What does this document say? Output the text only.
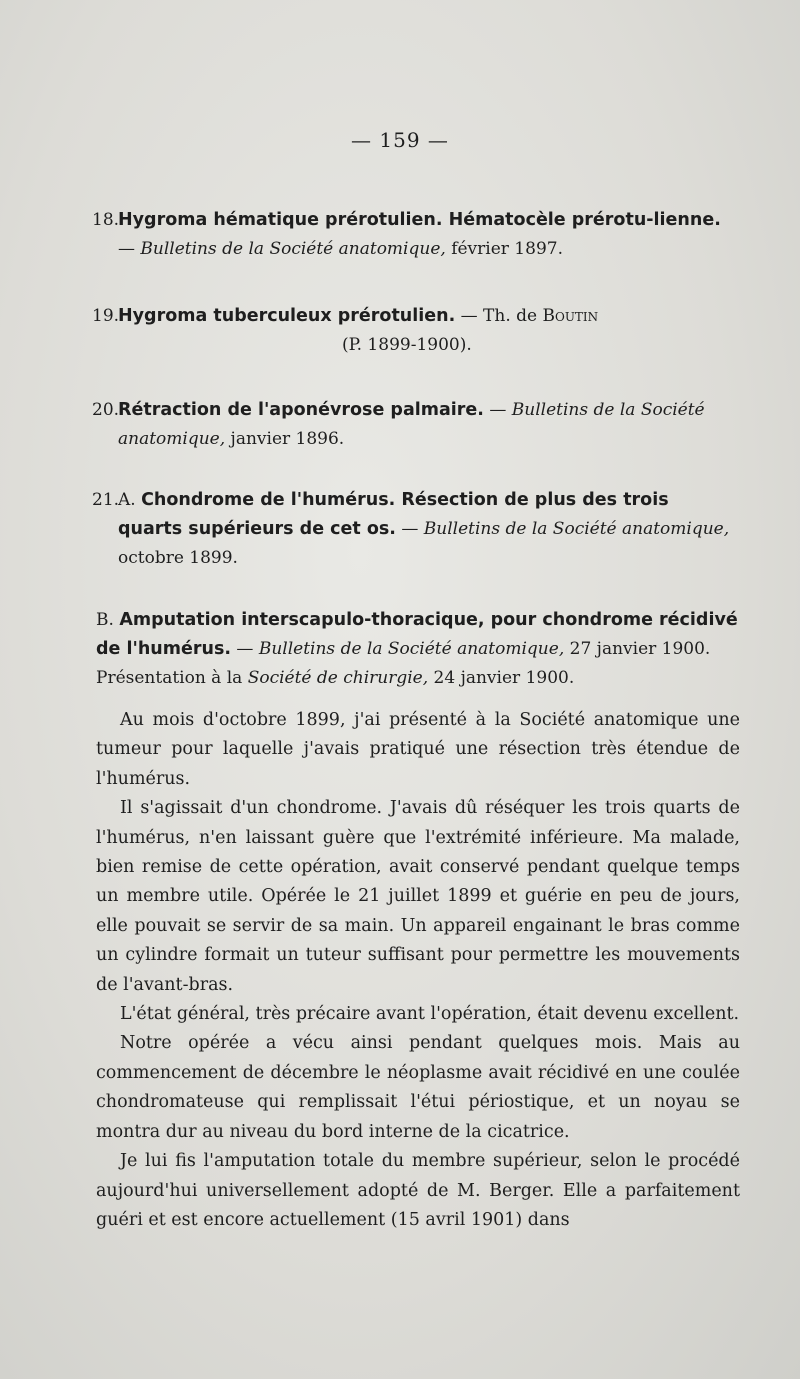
— 159 —
18.Hygroma hématique prérotulien. Hématocèle prérotu-lienne. — Bulletins de la Société anatomique, février 1897.
19.Hygroma tuberculeux prérotulien. — Th. de Boutin
(P. 1899-1900).
20.Rétraction de l'aponévrose palmaire. — Bulletins de la Société anatomique, janvier 1896.
21.A. Chondrome de l'humérus. Résection de plus des trois quarts supérieurs de cet os. — Bulletins de la Société anatomique, octobre 1899.
B. Amputation interscapulo-thoracique, pour chondrome récidivé de l'humérus. — Bulletins de la Société anatomique, 27 janvier 1900. Présentation à la Société de chirurgie, 24 janvier 1900.

Au mois d'octobre 1899, j'ai présenté à la Société anatomique une tumeur pour laquelle j'avais pratiqué une résection très étendue de l'humérus.

Il s'agissait d'un chondrome. J'avais dû réséquer les trois quarts de l'humérus, n'en laissant guère que l'extrémité inférieure. Ma malade, bien remise de cette opération, avait conservé pendant quelque temps un membre utile. Opérée le 21 juillet 1899 et guérie en peu de jours, elle pouvait se servir de sa main. Un appareil engainant le bras comme un cylindre formait un tuteur suffisant pour permettre les mouvements de l'avant-bras.

L'état général, très précaire avant l'opération, était devenu excellent.

Notre opérée a vécu ainsi pendant quelques mois. Mais au commencement de décembre le néoplasme avait récidivé en une coulée chondromateuse qui remplissait l'étui périostique, et un noyau se montra dur au niveau du bord interne de la cicatrice.

Je lui fis l'amputation totale du membre supérieur, selon le procédé aujourd'hui universellement adopté de M. Berger. Elle a parfaitement guéri et est encore actuellement (15 avril 1901) dans
